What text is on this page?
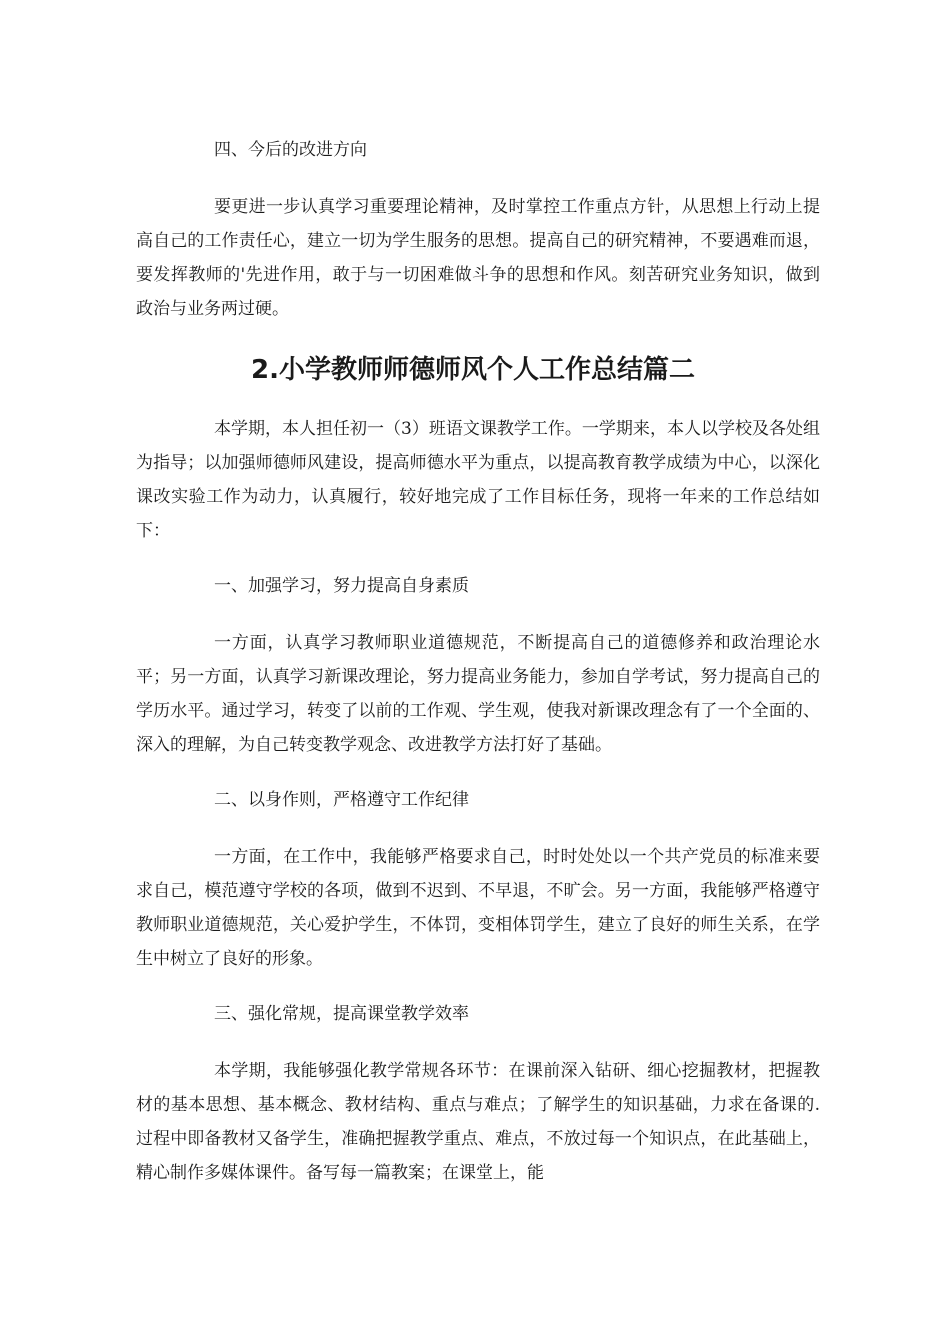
四、今后的改进方向

要更进一步认真学习重要理论精神，及时掌控工作重点方针，从思想上行动上提高自己的工作责任心，建立一切为学生服务的思想。提高自己的研究精神，不要遇难而退，要发挥教师的'先进作用，敢于与一切困难做斗争的思想和作风。刻苦研究业务知识，做到政治与业务两过硬。

2.小学教师师德师风个人工作总结篇二

本学期，本人担任初一（3）班语文课教学工作。一学期来，本人以学校及各处组为指导；以加强师德师风建设，提高师德水平为重点，以提高教育教学成绩为中心，以深化课改实验工作为动力，认真履行，较好地完成了工作目标任务，现将一年来的工作总结如下：

一、加强学习，努力提高自身素质

一方面，认真学习教师职业道德规范，不断提高自己的道德修养和政治理论水平；另一方面，认真学习新课改理论，努力提高业务能力，参加自学考试，努力提高自己的学历水平。通过学习，转变了以前的工作观、学生观，使我对新课改理念有了一个全面的、深入的理解，为自己转变教学观念、改进教学方法打好了基础。

二、以身作则，严格遵守工作纪律

一方面，在工作中，我能够严格要求自己，时时处处以一个共产党员的标准来要求自己，模范遵守学校的各项，做到不迟到、不早退，不旷会。另一方面，我能够严格遵守教师职业道德规范，关心爱护学生，不体罚，变相体罚学生，建立了良好的师生关系，在学生中树立了良好的形象。

三、强化常规，提高课堂教学效率

本学期，我能够强化教学常规各环节：在课前深入钻研、细心挖掘教材，把握教材的基本思想、基本概念、教材结构、重点与难点；了解学生的知识基础，力求在备课的.过程中即备教材又备学生，准确把握教学重点、难点，不放过每一个知识点，在此基础上，精心制作多媒体课件。备写每一篇教案；在课堂上，能
